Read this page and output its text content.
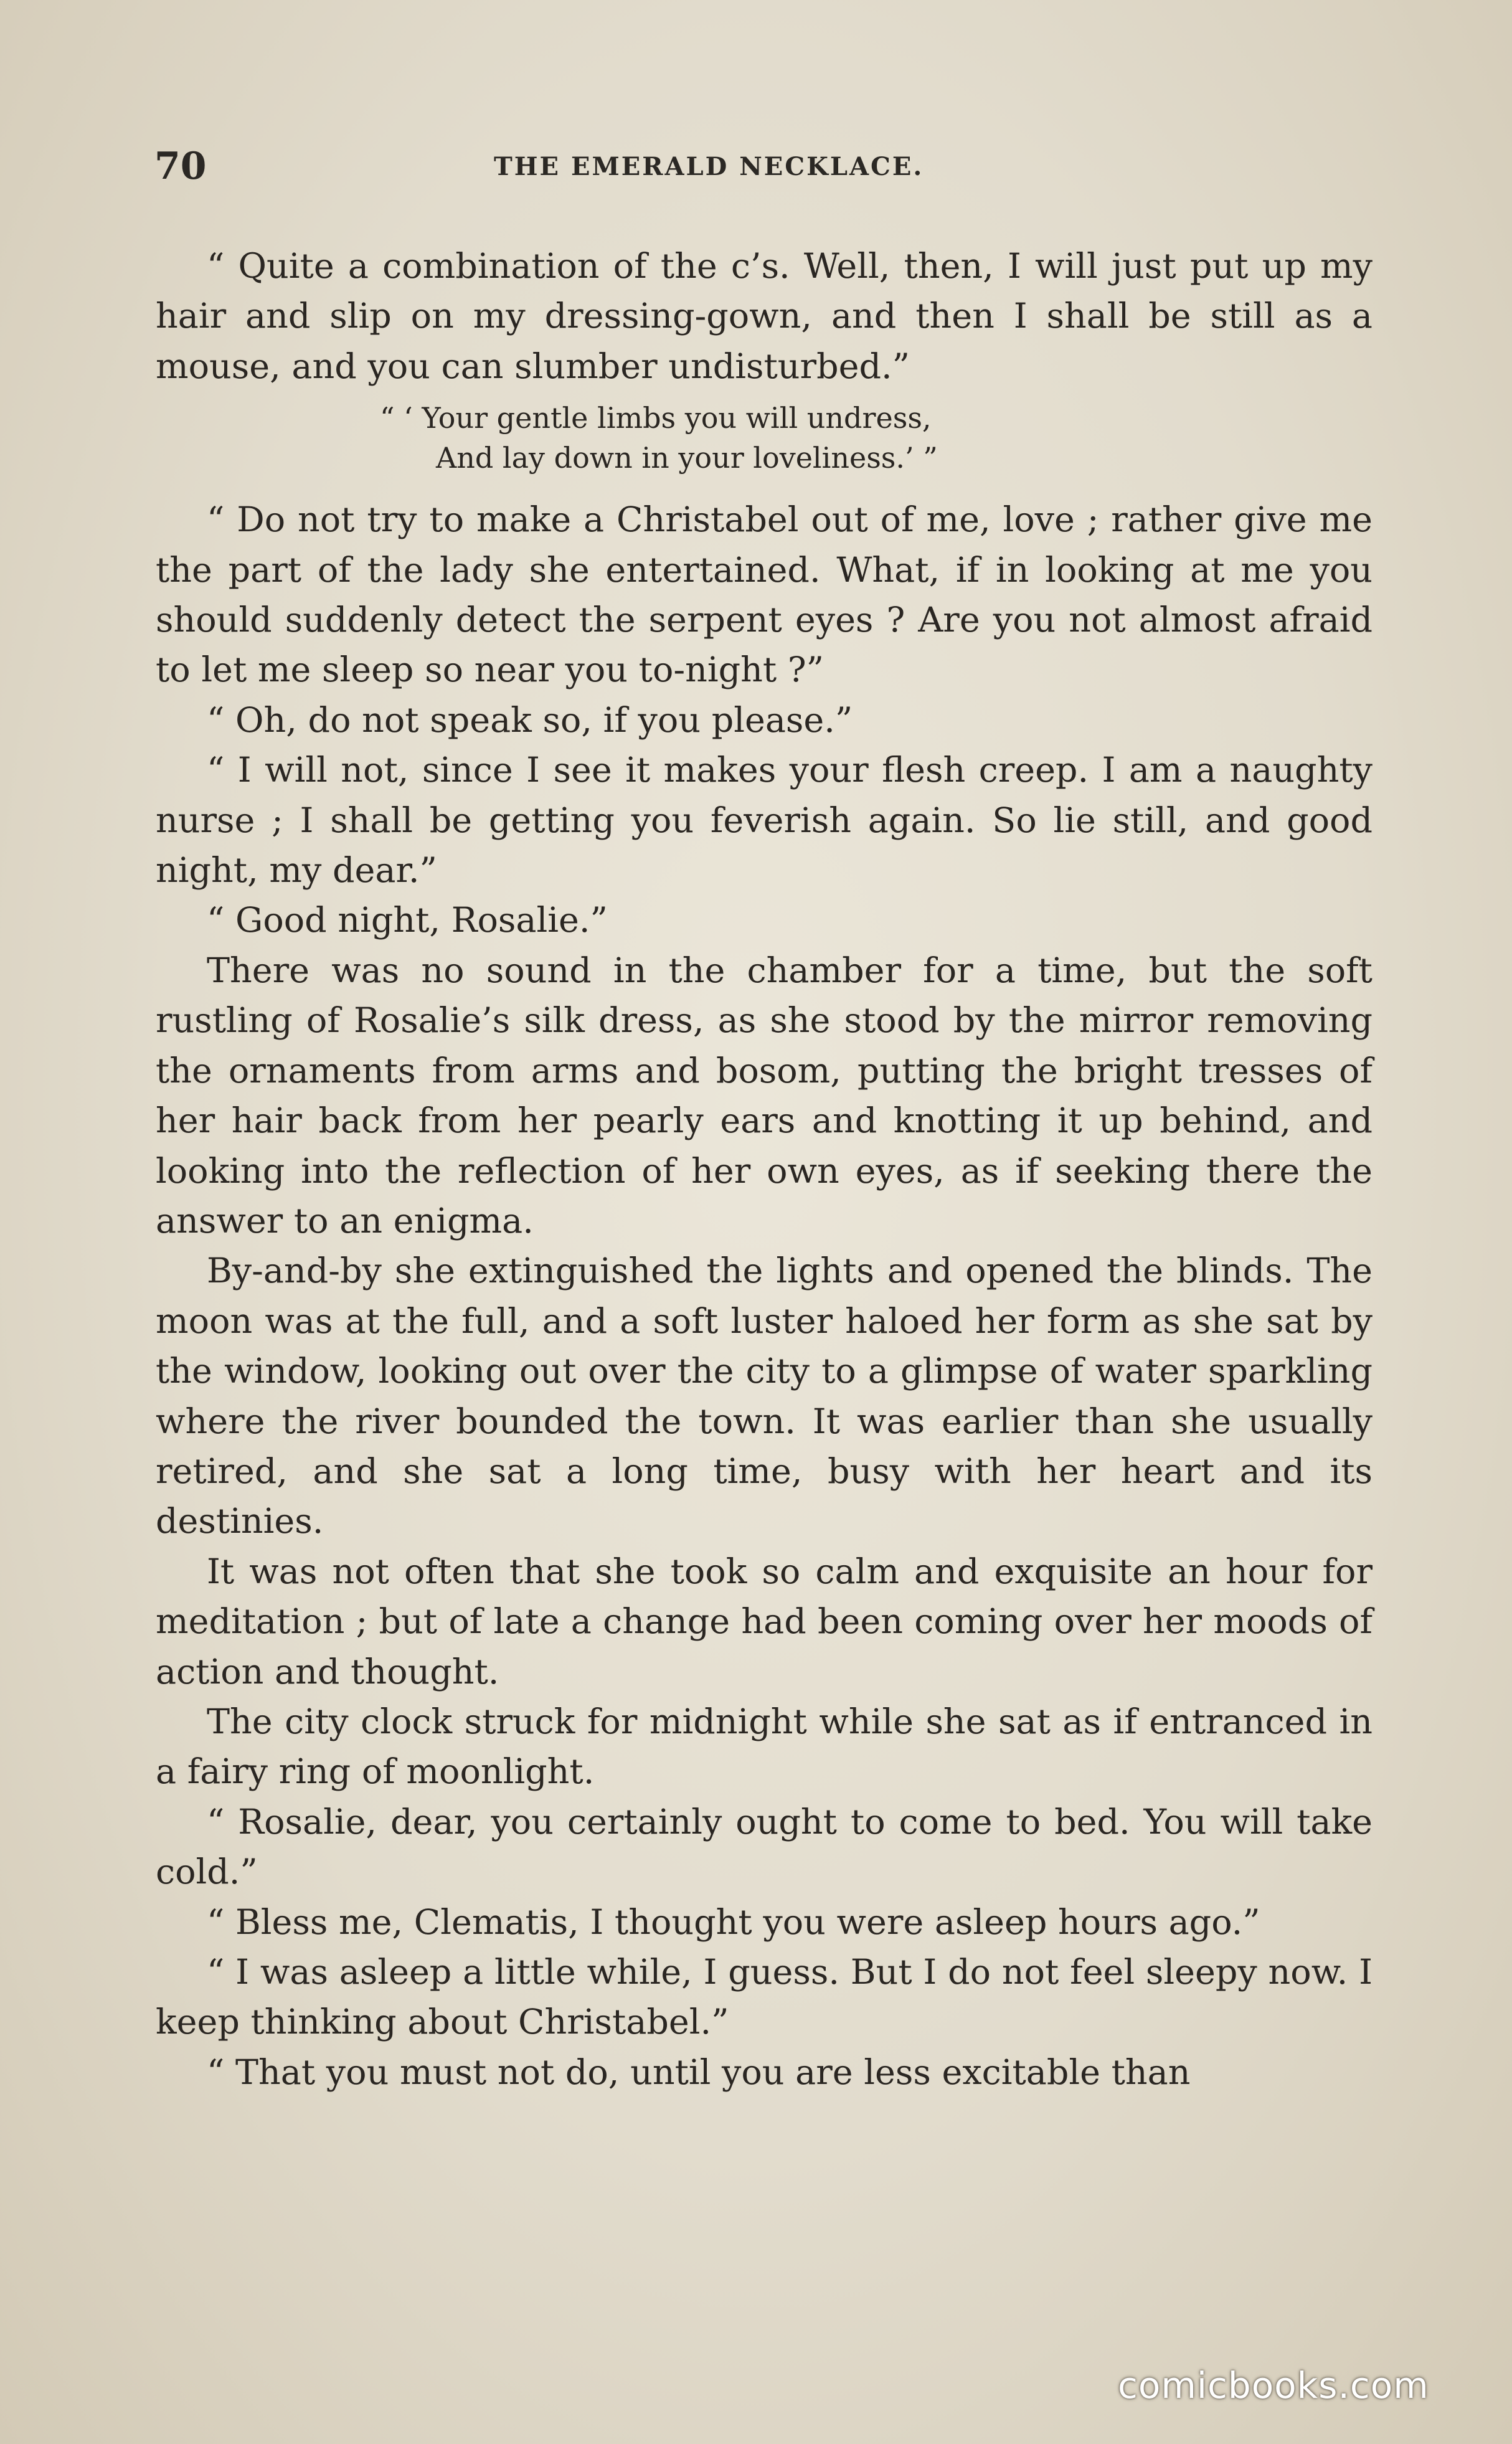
70	THE EMERALD NECKLACE.

“ Quite a combination of the c’s. Well, then, I will just put up my hair and slip on my dressing-gown, and then I shall be still as a mouse, and you can slumber undisturbed.”

“ ‘ Your gentle limbs you will undress,
And lay down in your loveliness.’ ”

“ Do not try to make a Christabel out of me, love ; rather give me the part of the lady she entertained. What, if in looking at me you should suddenly detect the serpent eyes ? Are you not almost afraid to let me sleep so near you to-night ?”

“ Oh, do not speak so, if you please.”

“ I will not, since I see it makes your flesh creep. I am a naughty nurse ; I shall be getting you feverish again. So lie still, and good night, my dear.”

“ Good night, Rosalie.”

There was no sound in the chamber for a time, but the soft rustling of Rosalie’s silk dress, as she stood by the mirror removing the ornaments from arms and bosom, putting the bright tresses of her hair back from her pearly ears and knotting it up behind, and looking into the reflection of her own eyes, as if seeking there the answer to an enigma.

By-and-by she extinguished the lights and opened the blinds. The moon was at the full, and a soft luster haloed her form as she sat by the window, looking out over the city to a glimpse of water sparkling where the river bounded the town. It was earlier than she usually retired, and she sat a long time, busy with her heart and its destinies.

It was not often that she took so calm and exquisite an hour for meditation ; but of late a change had been coming over her moods of action and thought.

The city clock struck for midnight while she sat as if entranced in a fairy ring of moonlight.

“ Rosalie, dear, you certainly ought to come to bed. You will take cold.”

“ Bless me, Clematis, I thought you were asleep hours ago.”

“ I was asleep a little while, I guess. But I do not feel sleepy now. I keep thinking about Christabel.”

“ That you must not do, until you are less excitable than

comicbooks.com
